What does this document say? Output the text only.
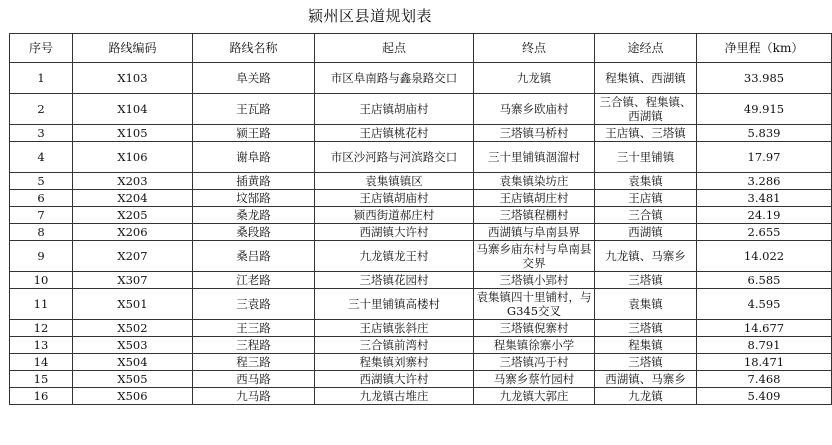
颍州区县道规划表
序号	路线编码	路线名称	起点	终点	途经点	净里程（km）
1	X103	阜关路	市区阜南路与鑫泉路交口	九龙镇	程集镇、西湖镇	33.985
2	X104	王瓦路	王店镇胡庙村	马寨乡欧庙村	三合镇、程集镇、西湖镇	49.915
3	X105	颍王路	王店镇桃花村	三塔镇马桥村	王店镇、三塔镇	5.839
4	X106	谢阜路	市区沙河路与河滨路交口	三十里铺镇涸溜村	三十里铺镇	17.97
5	X203	插黄路	袁集镇镇区	袁集镇染坊庄	袁集镇	3.286
6	X204	坟郜路	王店镇胡庙村	王店镇胡庄村	王店镇	3.481
7	X205	桑龙路	颍西街道郝庄村	三塔镇程棚村	三合镇	24.19
8	X206	桑段路	西湖镇大许村	西湖镇与阜南县界	西湖镇	2.655
9	X207	桑吕路	九龙镇龙王村	马寨乡庙东村与阜南县交界	九龙镇、马寨乡	14.022
10	X307	江老路	三塔镇花园村	三塔镇小郢村	三塔镇	6.585
11	X501	三袁路	三十里铺镇高楼村	袁集镇四十里铺村，与G345交叉	袁集镇	4.595
12	X502	王三路	王店镇张斜庄	三塔镇倪寨村	三塔镇	14.677
13	X503	三程路	三合镇前湾村	程集镇徐寨小学	程集镇	8.791
14	X504	程三路	程集镇刘寨村	三塔镇冯于村	三塔镇	18.471
15	X505	西马路	西湖镇大许村	马寨乡蔡竹园村	西湖镇、马寨乡	7.468
16	X506	九马路	九龙镇古堆庄	九龙镇大郭庄	九龙镇	5.409
